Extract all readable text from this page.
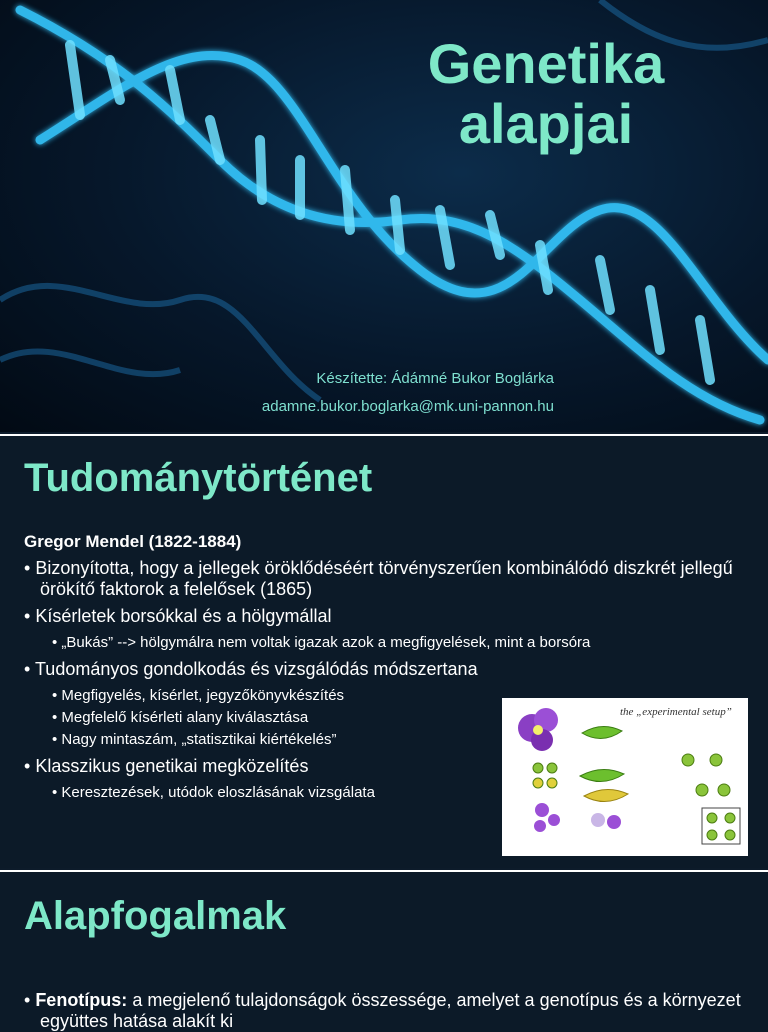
Genetika
alapjai
Készítette: Ádámné Bukor Boglárka
adamne.bukor.boglarka@mk.uni-pannon.hu
Tudománytörténet
Gregor Mendel (1822-1884)
• Bizonyította, hogy a jellegek öröklődéséért törvényszerűen kombinálódó diszkrét jellegű örökítő faktorok a felelősek (1865)
• Kísérletek borsókkal és a hölgymállal
• „Bukás” --> hölgymálra nem voltak igazak azok a megfigyelések, mint a borsóra
• Tudományos gondolkodás és vizsgálódás módszertana
• Megfigyelés, kísérlet, jegyzőkönyvkészítés
• Megfelelő kísérleti alany kiválasztása
• Nagy mintaszám, „statisztikai kiértékelés”
• Klasszikus genetikai megközelítés
• Keresztezések, utódok eloszlásának vizsgálata
the „experimental setup”
Alapfogalmak
• Fenotípus: a megjelenő tulajdonságok összessége, amelyet a genotípus és a környezet együttes hatása alakít ki
